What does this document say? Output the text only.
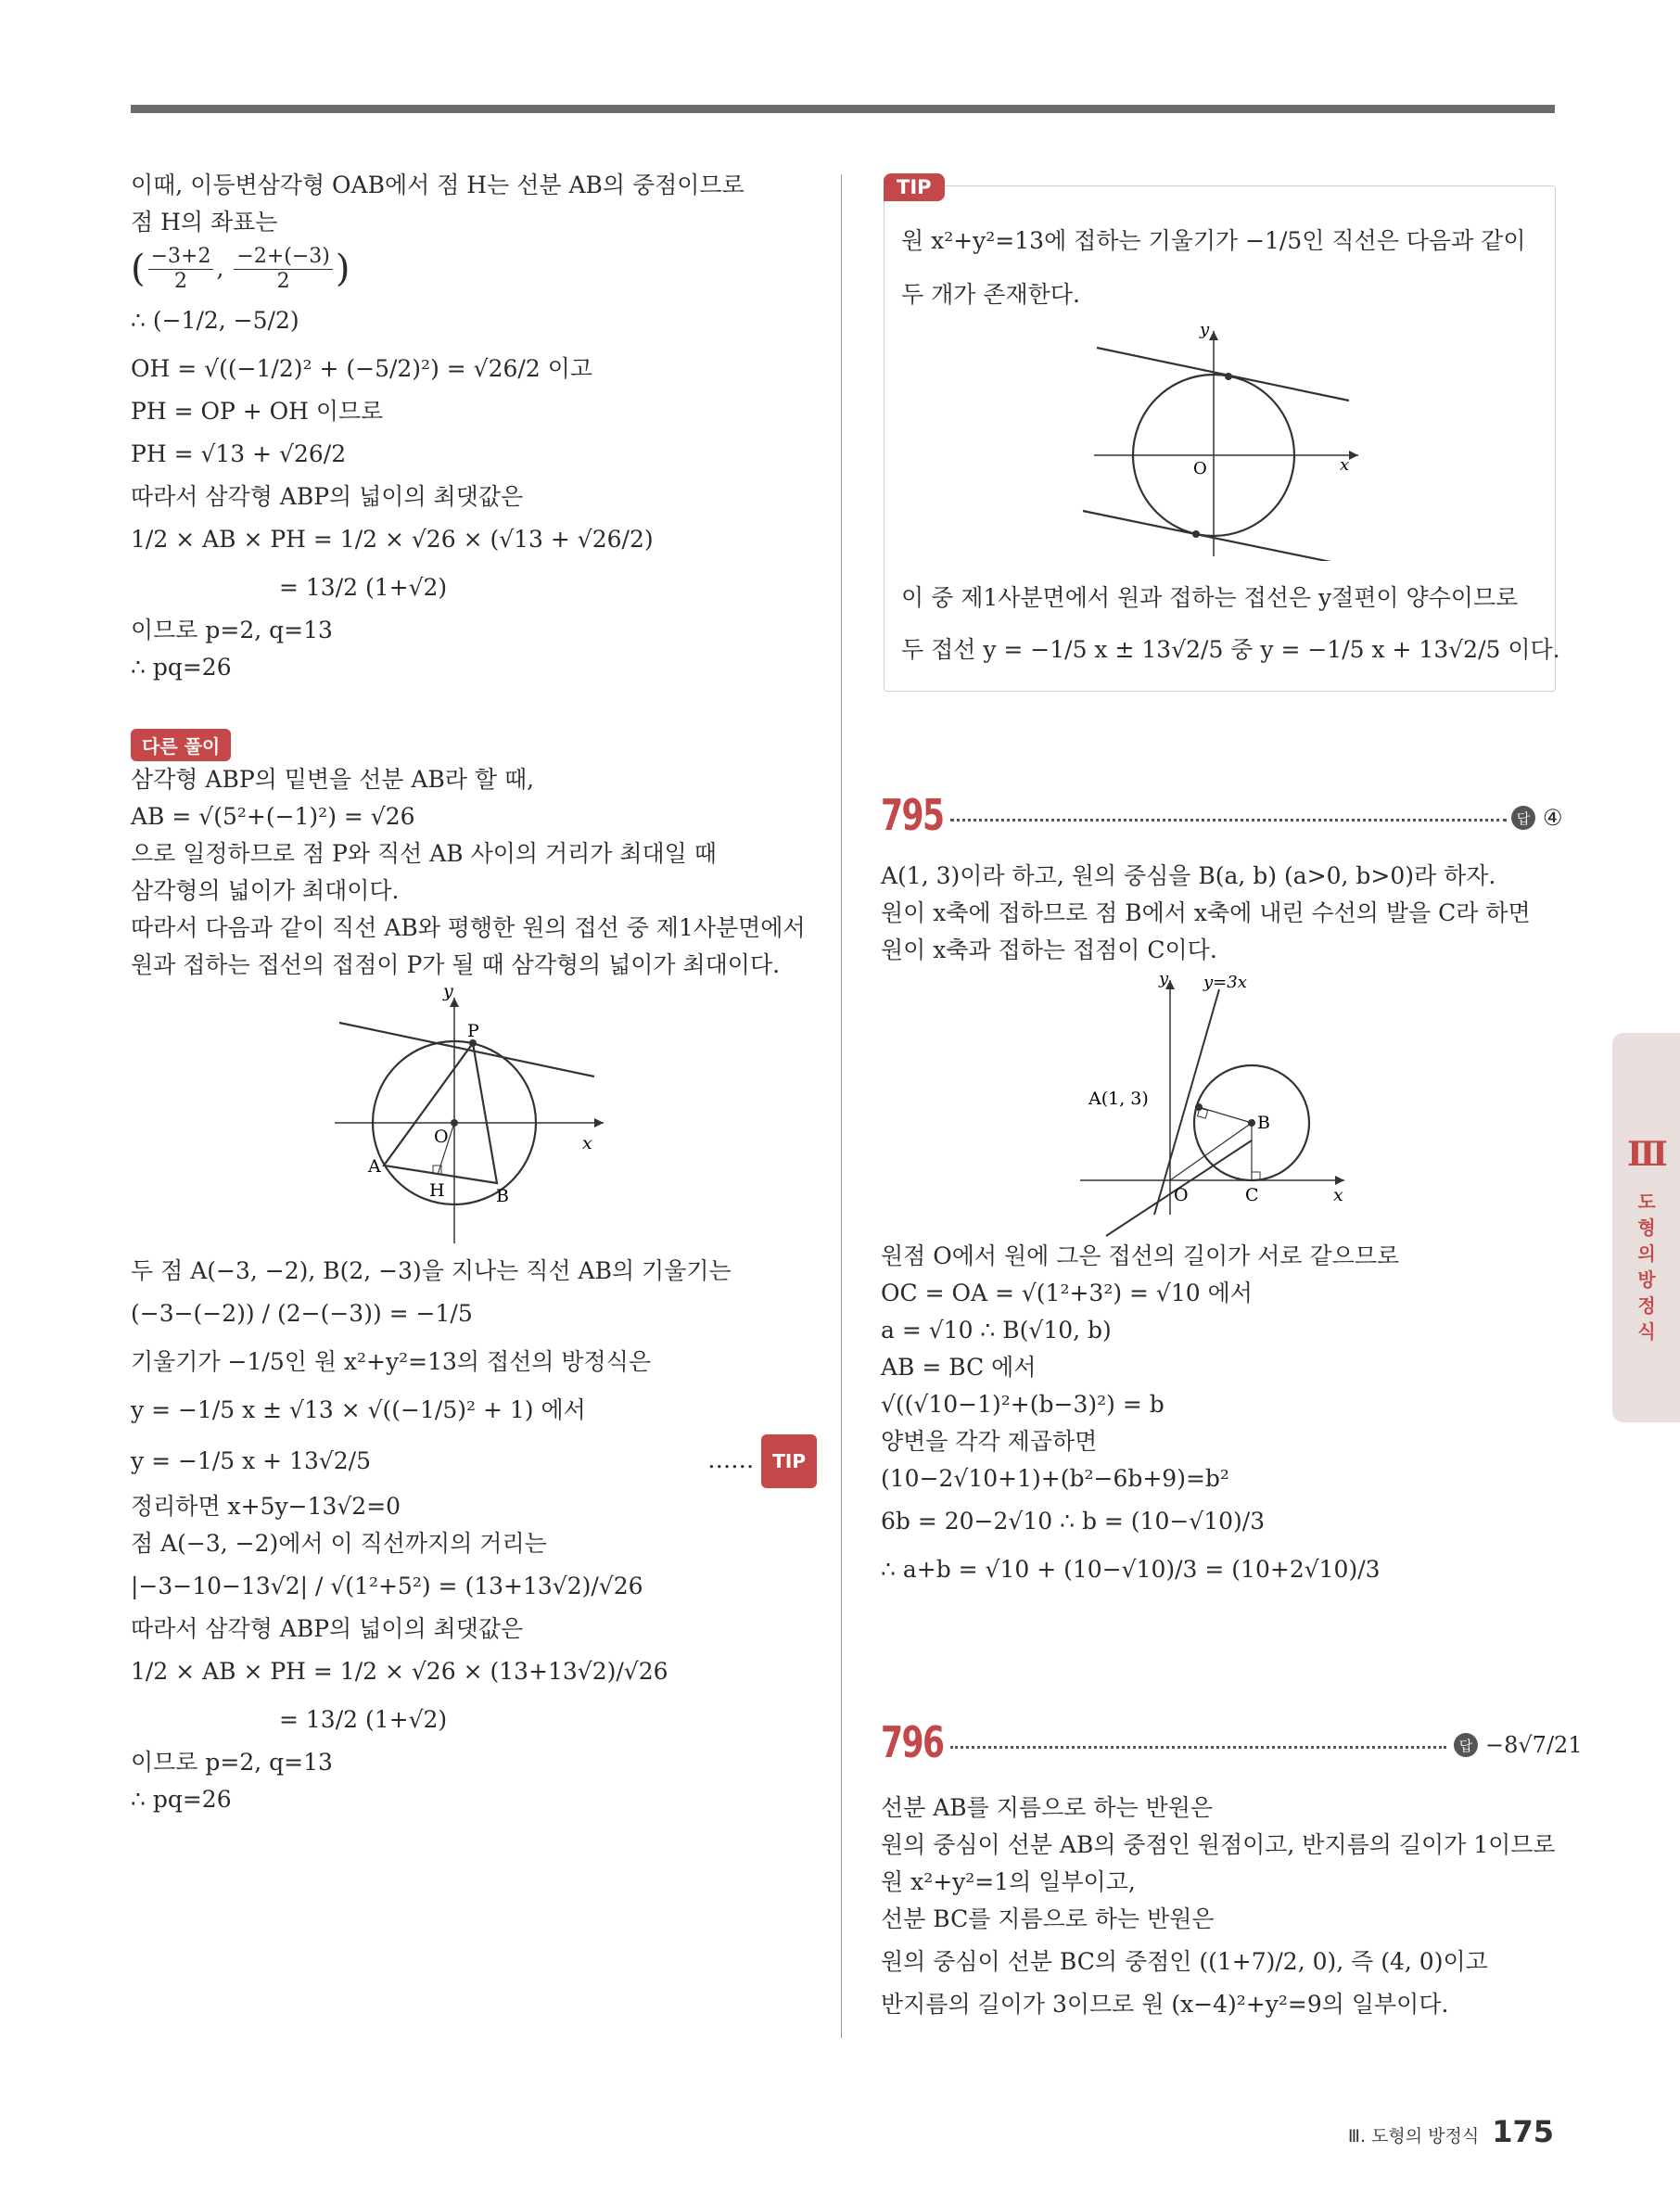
이때, 이등변삼각형 OAB에서 점 H는 선분 AB의 중점이므로
점 H의 좌표는
( $\frac{-3+2}{2}$ , $\frac{-2+(-3)}{2}$ )
∴ (−1/2, −5/2)
OH = √((−1/2)² + (−5/2)²) = √26/2 이고
PH = OP + OH 이므로
PH = √13 + √26/2
따라서 삼각형 ABP의 넓이의 최댓값은
1/2 × AB × PH = 1/2 × √26 × (√13 + √26/2)
= 13/2 (1+√2)
이므로 p=2, q=13
∴ pq=26
다른 풀이
삼각형 ABP의 밑변을 선분 AB라 할 때,
AB = √(5²+(−1)²) = √26
으로 일정하므로 점 P와 직선 AB 사이의 거리가 최대일 때
삼각형의 넓이가 최대이다.
따라서 다음과 같이 직선 AB와 평행한 원의 접선 중 제1사분면에서
원과 접하는 접선의 접점이 P가 될 때 삼각형의 넓이가 최대이다.
y
x
O
P
A
B
H
두 점 A(−3, −2), B(2, −3)을 지나는 직선 AB의 기울기는
(−3−(−2)) / (2−(−3)) = −1/5
기울기가 −1/5인 원 x²+y²=13의 접선의 방정식은
y = −1/5 x ± √13 × √((−1/5)² + 1) 에서
y = −1/5 x + 13√2/5	…… TIP
정리하면 x+5y−13√2=0
점 A(−3, −2)에서 이 직선까지의 거리는
|−3−10−13√2| / √(1²+5²) = (13+13√2)/√26
따라서 삼각형 ABP의 넓이의 최댓값은
1/2 × AB × PH = 1/2 × √26 × (13+13√2)/√26
= 13/2 (1+√2)
이므로 p=2, q=13
∴ pq=26
TIP
원 x²+y²=13에 접하는 기울기가 −1/5인 직선은 다음과 같이
두 개가 존재한다.
y
x
O
이 중 제1사분면에서 원과 접하는 접선은 y절편이 양수이므로
두 접선 y = −1/5 x ± 13√2/5 중 y = −1/5 x + 13√2/5 이다.
795	답 ④
A(1, 3)이라 하고, 원의 중심을 B(a, b) (a>0, b>0)라 하자.
원이 x축에 접하므로 점 B에서 x축에 내린 수선의 발을 C라 하면
원이 x축과 접하는 접점이 C이다.
y y=3x
A(1, 3)
B
O	C	x
원점 O에서 원에 그은 접선의 길이가 서로 같으므로
OC = OA = √(1²+3²) = √10 에서
a = √10 ∴ B(√10, b)
AB = BC 에서
√((√10−1)²+(b−3)²) = b
양변을 각각 제곱하면
(10−2√10+1)+(b²−6b+9)=b²
6b = 20−2√10 ∴ b = (10−√10)/3
∴ a+b = √10 + (10−√10)/3 = (10+2√10)/3
796	답 −8√7/21
선분 AB를 지름으로 하는 반원은
원의 중심이 선분 AB의 중점인 원점이고, 반지름의 길이가 1이므로
원 x²+y²=1의 일부이고,
선분 BC를 지름으로 하는 반원은
원의 중심이 선분 BC의 중점인 ((1+7)/2, 0), 즉 (4, 0)이고
반지름의 길이가 3이므로 원 (x−4)²+y²=9의 일부이다.
Ⅲ
도형의 방정식
Ⅲ. 도형의 방정식 175
